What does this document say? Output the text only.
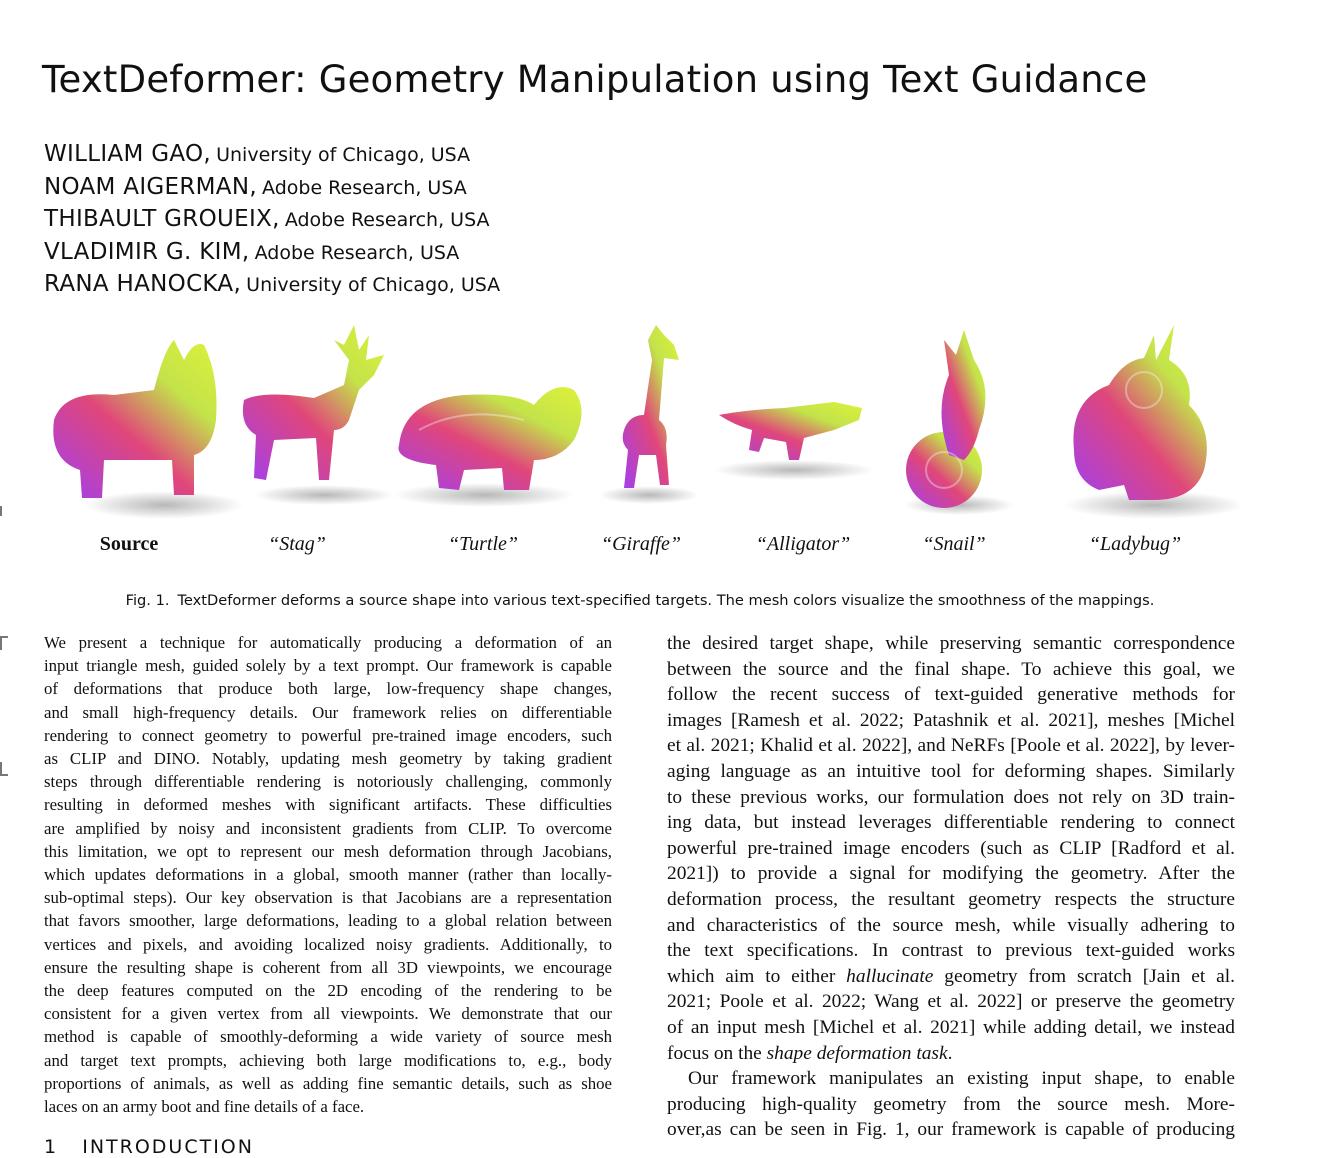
TextDeformer: Geometry Manipulation using Text Guidance
WILLIAM GAO, University of Chicago, USA
NOAM AIGERMAN, Adobe Research, USA
THIBAULT GROUEIX, Adobe Research, USA
VLADIMIR G. KIM, Adobe Research, USA
RANA HANOCKA, University of Chicago, USA
Source	“Stag”	“Turtle”	“Giraffe”	“Alligator”	“Snail”	“Ladybug”
Fig. 1. TextDeformer deforms a source shape into various text-specified targets. The mesh colors visualize the smoothness of the mappings.
We present a technique for automatically producing a deformation of an
input triangle mesh, guided solely by a text prompt. Our framework is capable
of deformations that produce both large, low-frequency shape changes,
and small high-frequency details. Our framework relies on differentiable
rendering to connect geometry to powerful pre-trained image encoders, such
as CLIP and DINO. Notably, updating mesh geometry by taking gradient
steps through differentiable rendering is notoriously challenging, commonly
resulting in deformed meshes with significant artifacts. These difficulties
are amplified by noisy and inconsistent gradients from CLIP. To overcome
this limitation, we opt to represent our mesh deformation through Jacobians,
which updates deformations in a global, smooth manner (rather than locally-
sub-optimal steps). Our key observation is that Jacobians are a representation
that favors smoother, large deformations, leading to a global relation between
vertices and pixels, and avoiding localized noisy gradients. Additionally, to
ensure the resulting shape is coherent from all 3D viewpoints, we encourage
the deep features computed on the 2D encoding of the rendering to be
consistent for a given vertex from all viewpoints. We demonstrate that our
method is capable of smoothly-deforming a wide variety of source mesh
and target text prompts, achieving both large modifications to, e.g., body
proportions of animals, as well as adding fine semantic details, such as shoe
laces on an army boot and fine details of a face.
the desired target shape, while preserving semantic correspondence
between the source and the final shape. To achieve this goal, we
follow the recent success of text-guided generative methods for
images [Ramesh et al. 2022; Patashnik et al. 2021], meshes [Michel
et al. 2021; Khalid et al. 2022], and NeRFs [Poole et al. 2022], by lever-
aging language as an intuitive tool for deforming shapes. Similarly
to these previous works, our formulation does not rely on 3D train-
ing data, but instead leverages differentiable rendering to connect
powerful pre-trained image encoders (such as CLIP [Radford et al.
2021]) to provide a signal for modifying the geometry. After the
deformation process, the resultant geometry respects the structure
and characteristics of the source mesh, while visually adhering to
the text specifications. In contrast to previous text-guided works
which aim to either hallucinate geometry from scratch [Jain et al.
2021; Poole et al. 2022; Wang et al. 2022] or preserve the geometry
of an input mesh [Michel et al. 2021] while adding detail, we instead
focus on the shape deformation task.
Our framework manipulates an existing input shape, to enable
producing high-quality geometry from the source mesh. More-
over,as can be seen in Fig. 1, our framework is capable of producing
1 INTRODUCTION
